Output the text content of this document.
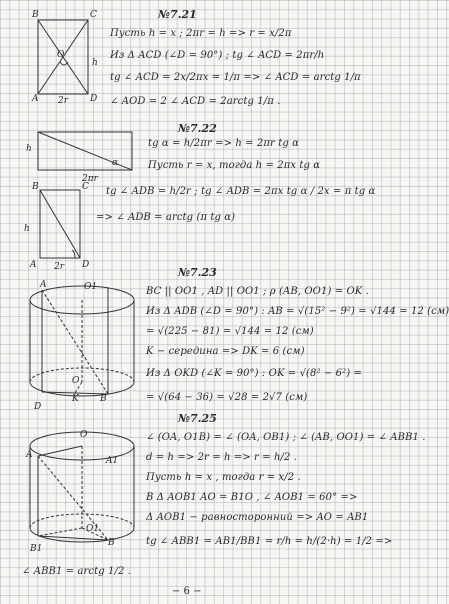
№7.21
B	C
O
A	D
2r
h
Пусть h = x ; 2πr = h => r = x/2π
Из Δ ACD (∠D = 90°) ; tg ∠ ACD = 2πr/h
tg ∠ ACD = 2x/2πx = 1/π => ∠ ACD = arctg 1/π
∠ AOD = 2 ∠ ACD = 2arctg 1/π .
№7.22
h
2πr
α
B	C
h
A 2r D
tg α = h/2πr => h = 2πr tg α
Пусть r = x, тогда h = 2πx tg α
tg ∠ ADB = h/2r ; tg ∠ ADB = 2πx tg α / 2x = π tg α
=> ∠ ADB = arctg (π tg α)
№7.23
A	O1
O
K
D
B
BC || OO1 , AD || OO1 ; ρ (AB, OO1) = OK .
Из Δ ADB (∠D = 90°) : AB = √(15² − 9²) = √144 = 12 (см)
= √(225 − 81) = √144 = 12 (см)
K − середина => DK = 6 (см)
Из Δ OKD (∠K = 90°) : OK = √(8² − 6²) =
= √(64 − 36) = √28 = 2√7 (см)
№7.25
A
O
A1
O1
B
B1
∠ (OA, O1B) = ∠ (OA, OB1) ; ∠ (AB, OO1) = ∠ ABB1 .
d = h => 2r = h => r = h/2 .
Пусть h = x , тогда r = x/2 .
В Δ AOB1 AO = B1O , ∠ AOB1 = 60° =>
Δ AOB1 − равносторонний => AO = AB1
tg ∠ ABB1 = AB1/BB1 = r/h = h/(2·h) = 1/2 =>
∠ ABB1 = arctg 1/2 .
− 6 −
